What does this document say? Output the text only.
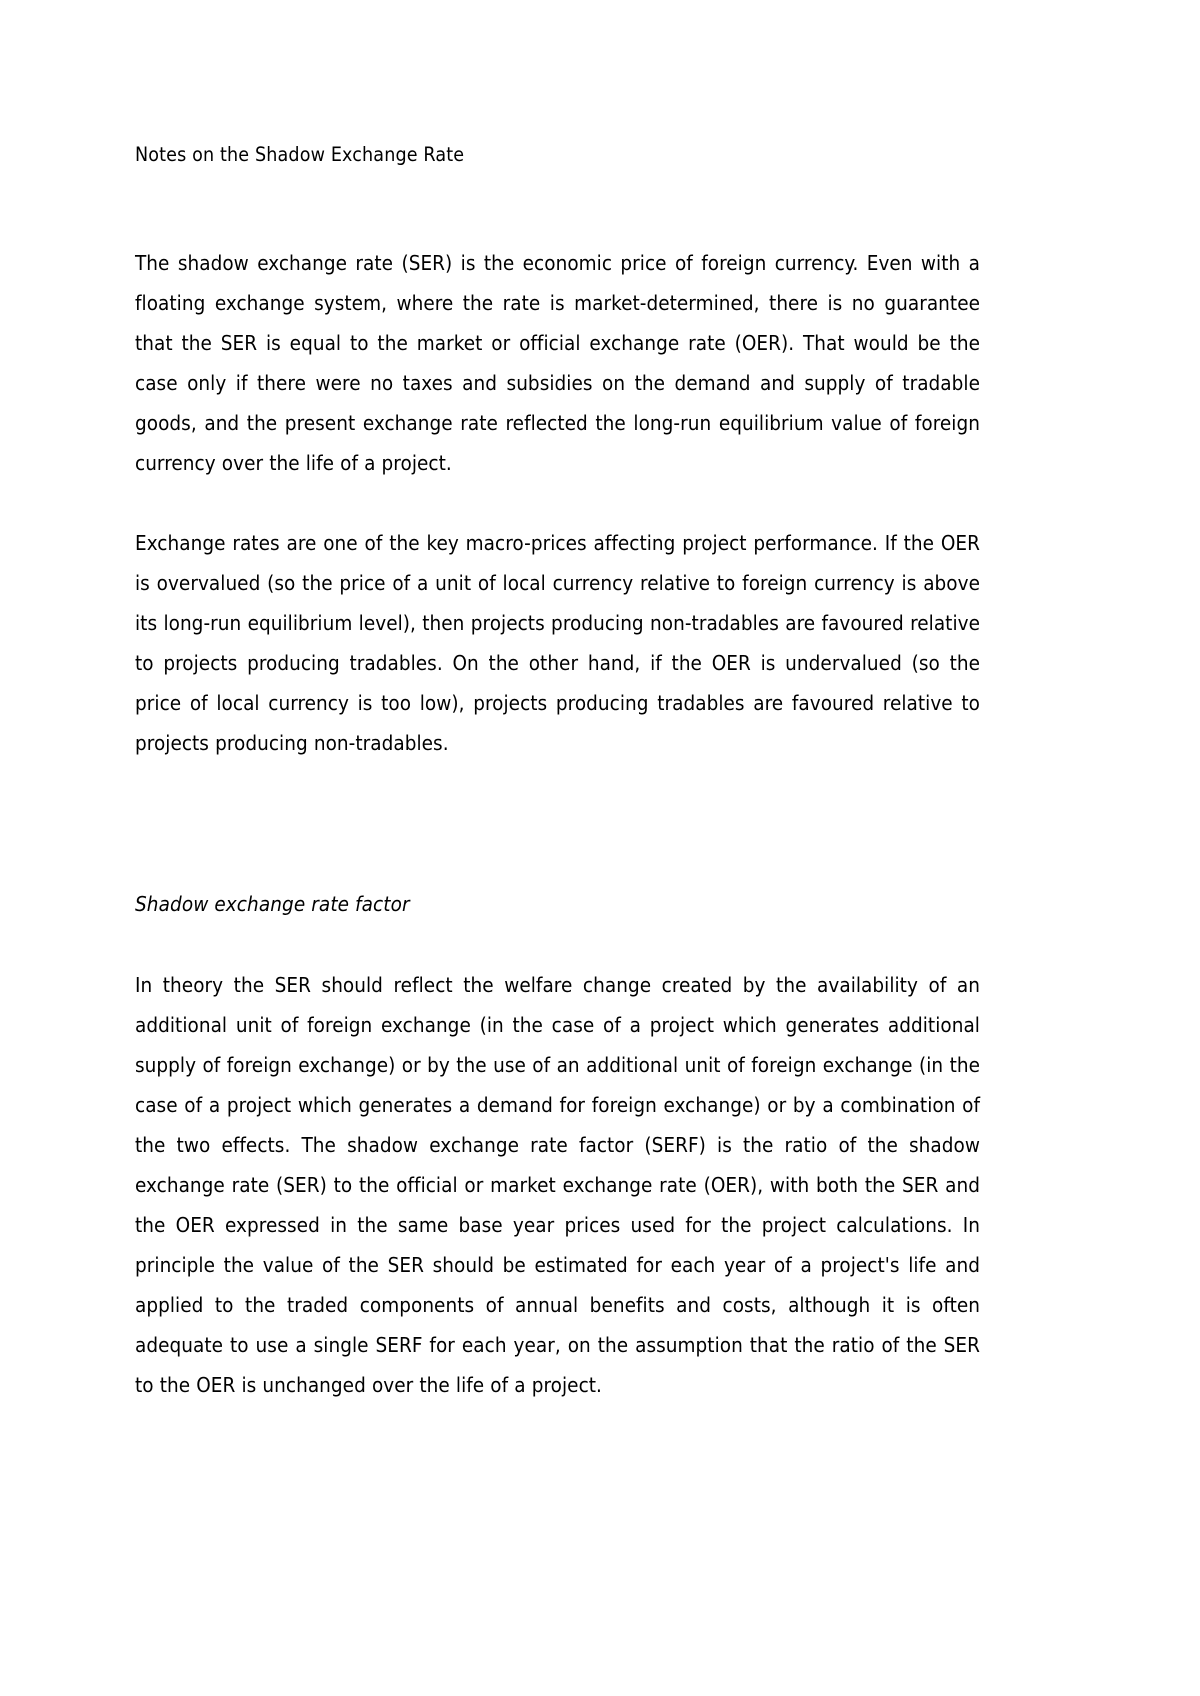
Notes on the Shadow Exchange Rate
The shadow exchange rate (SER) is the economic price of foreign currency. Even with a floating exchange system, where the rate is market-determined, there is no guarantee that the SER is equal to the market or official exchange rate (OER). That would be the case only if there were no taxes and subsidies on the demand and supply of tradable goods, and the present exchange rate reflected the long-run equilibrium value of foreign currency over the life of a project.
Exchange rates are one of the key macro-prices affecting project performance. If the OER is overvalued (so the price of a unit of local currency relative to foreign currency is above its long-run equilibrium level), then projects producing non-tradables are favoured relative to projects producing tradables. On the other hand, if the OER is undervalued (so the price of local currency is too low), projects producing tradables are favoured relative to projects producing non-tradables.
Shadow exchange rate factor
In theory the SER should reflect the welfare change created by the availability of an additional unit of foreign exchange (in the case of a project which generates additional supply of foreign exchange) or by the use of an additional unit of foreign exchange (in the case of a project which generates a demand for foreign exchange) or by a combination of the two effects. The shadow exchange rate factor (SERF) is the ratio of the shadow exchange rate (SER) to the official or market exchange rate (OER), with both the SER and the OER expressed in the same base year prices used for the project calculations. In principle the value of the SER should be estimated for each year of a project's life and applied to the traded components of annual benefits and costs, although it is often adequate to use a single SERF for each year, on the assumption that the ratio of the SER to the OER is unchanged over the life of a project.
